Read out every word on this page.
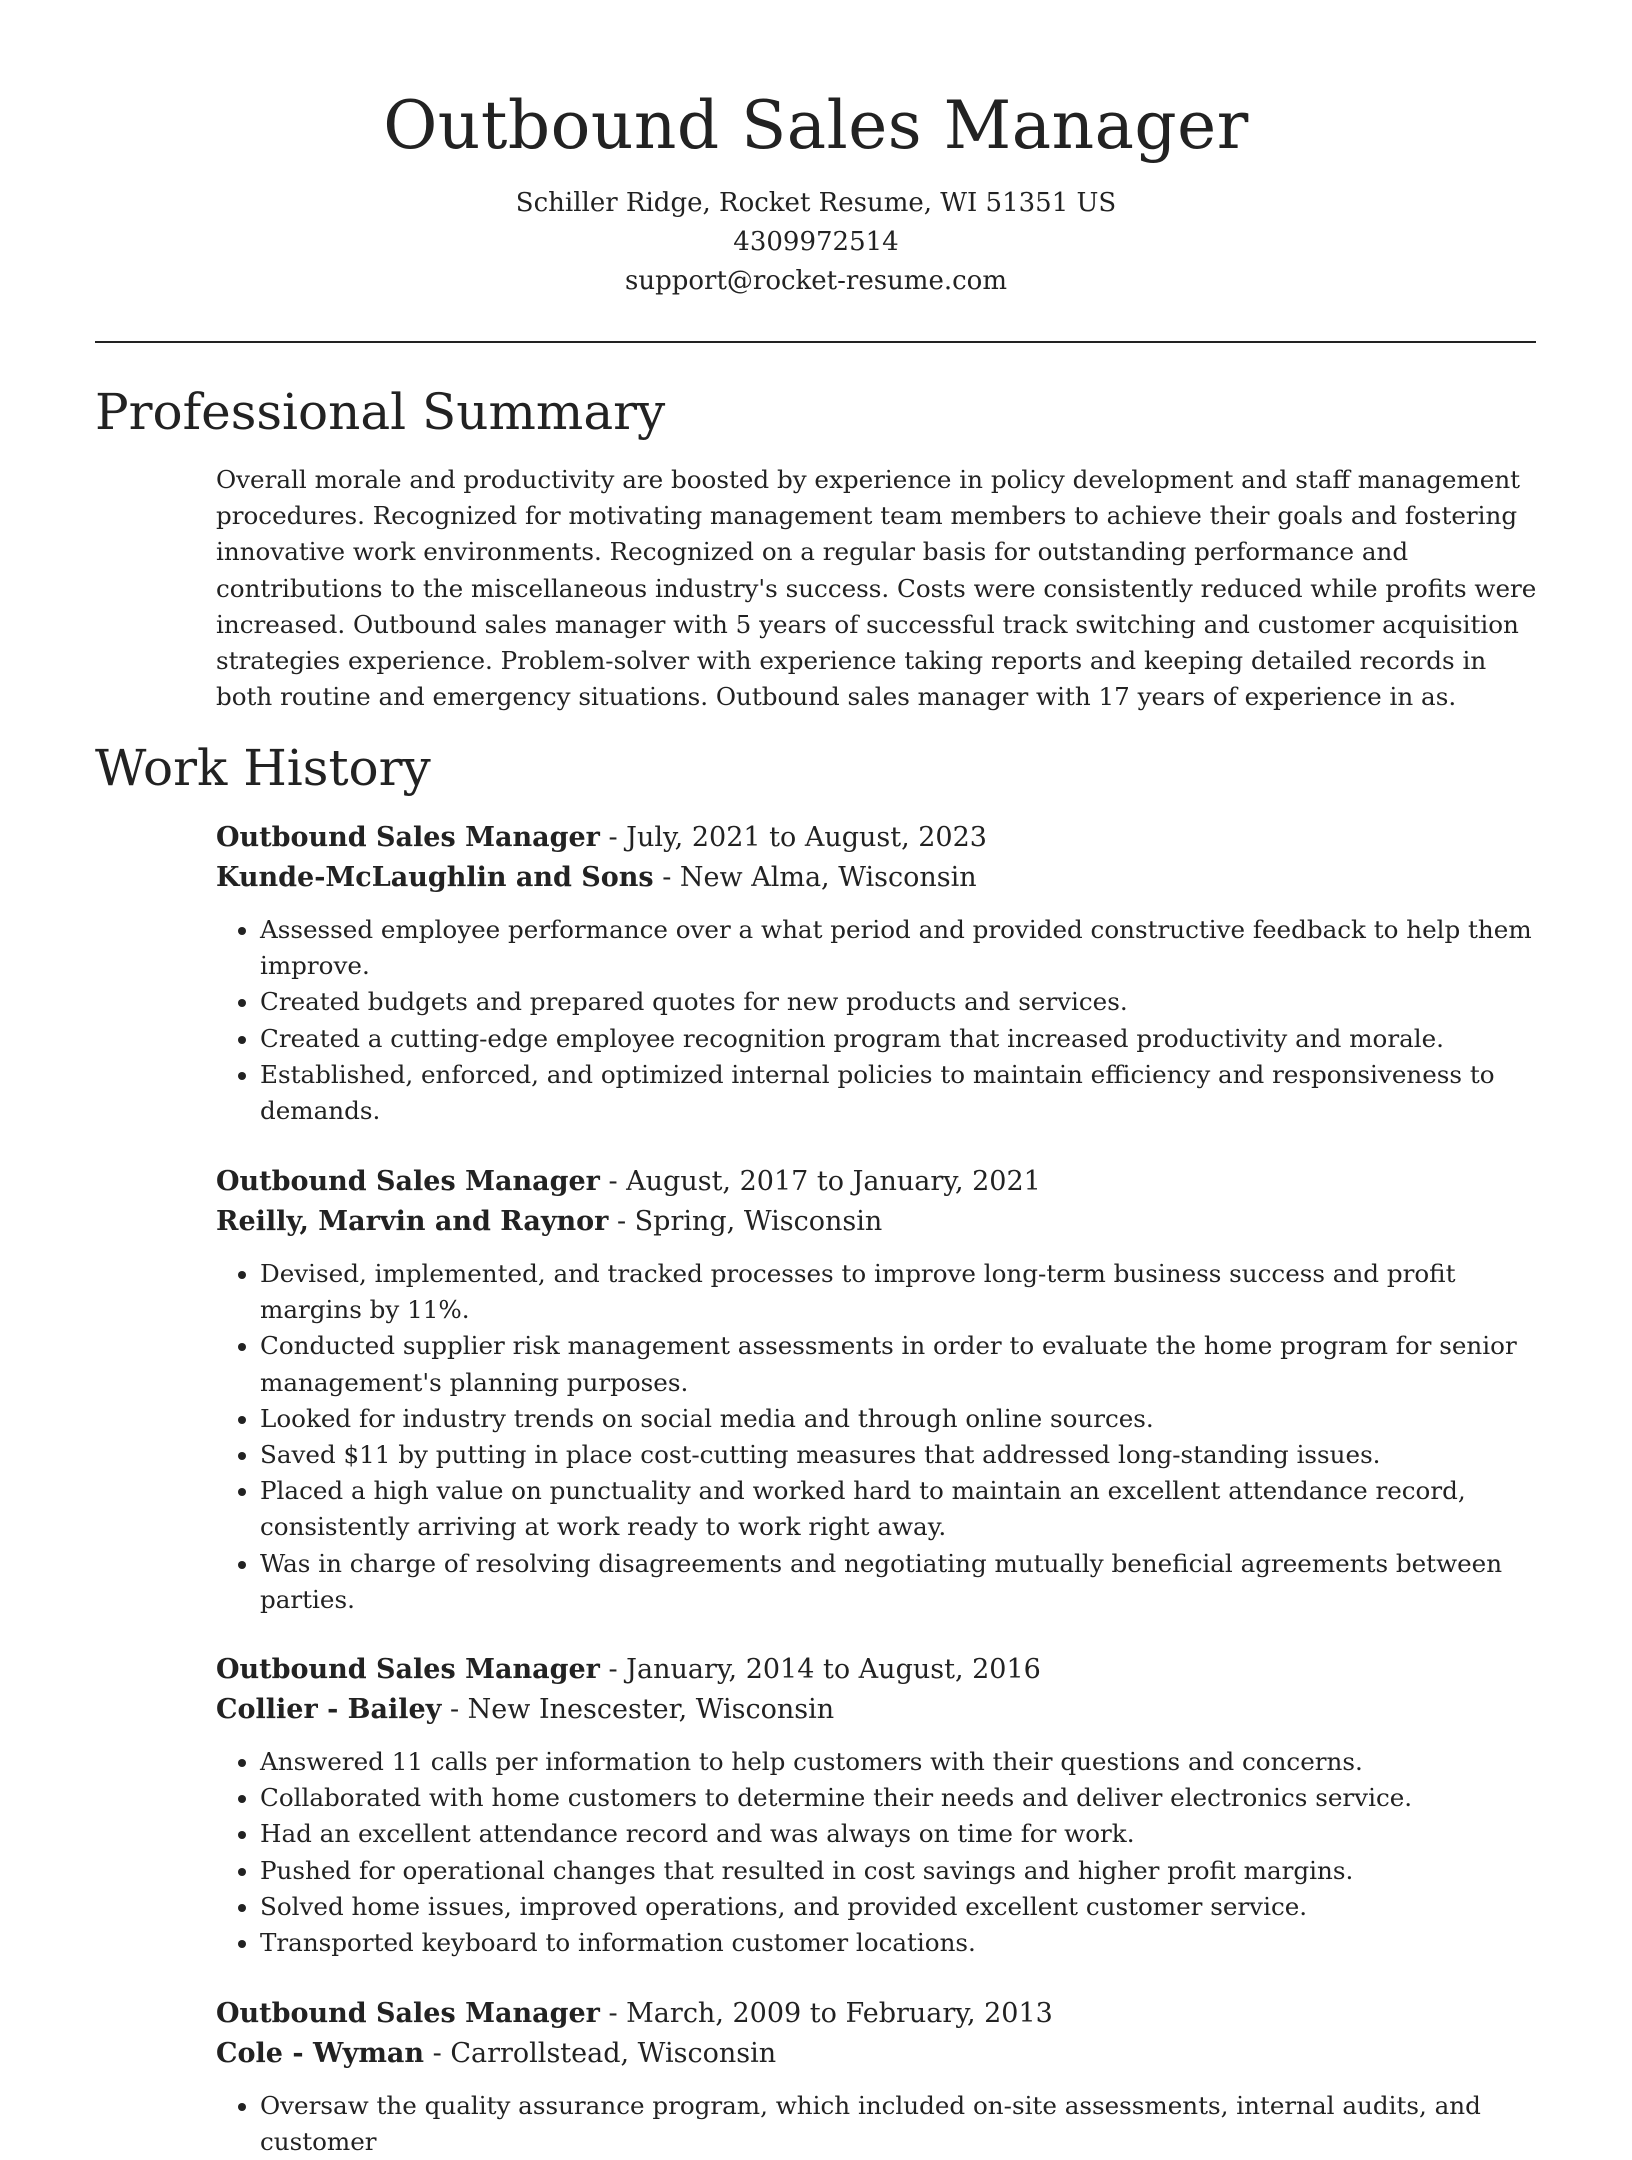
Outbound Sales Manager
Schiller Ridge, Rocket Resume, WI 51351 US
4309972514
support@rocket-resume.com
Professional Summary

Overall morale and productivity are boosted by experience in policy development and staff management procedures. Recognized for motivating management team members to achieve their goals and fostering innovative work environments. Recognized on a regular basis for outstanding performance and contributions to the miscellaneous industry's success. Costs were consistently reduced while profits were increased. Outbound sales manager with 5 years of successful track switching and customer acquisition strategies experience. Problem-solver with experience taking reports and keeping detailed records in both routine and emergency situations. Outbound sales manager with 17 years of experience in as.

Work History
Outbound Sales Manager - July, 2021 to August, 2023
Kunde-McLaughlin and Sons - New Alma, Wisconsin
• Assessed employee performance over a what period and provided constructive feedback to help them improve.
• Created budgets and prepared quotes for new products and services.
• Created a cutting-edge employee recognition program that increased productivity and morale.
• Established, enforced, and optimized internal policies to maintain efficiency and responsiveness to demands.
Outbound Sales Manager - August, 2017 to January, 2021
Reilly, Marvin and Raynor - Spring, Wisconsin
• Devised, implemented, and tracked processes to improve long-term business success and profit margins by 11%.
• Conducted supplier risk management assessments in order to evaluate the home program for senior management's planning purposes.
• Looked for industry trends on social media and through online sources.
• Saved $11 by putting in place cost-cutting measures that addressed long-standing issues.
• Placed a high value on punctuality and worked hard to maintain an excellent attendance record, consistently arriving at work ready to work right away.
• Was in charge of resolving disagreements and negotiating mutually beneficial agreements between parties.
Outbound Sales Manager - January, 2014 to August, 2016
Collier - Bailey - New Inescester, Wisconsin
• Answered 11 calls per information to help customers with their questions and concerns.
• Collaborated with home customers to determine their needs and deliver electronics service.
• Had an excellent attendance record and was always on time for work.
• Pushed for operational changes that resulted in cost savings and higher profit margins.
• Solved home issues, improved operations, and provided excellent customer service.
• Transported keyboard to information customer locations.
Outbound Sales Manager - March, 2009 to February, 2013
Cole - Wyman - Carrollstead, Wisconsin
• Oversaw the quality assurance program, which included on-site assessments, internal audits, and customer
